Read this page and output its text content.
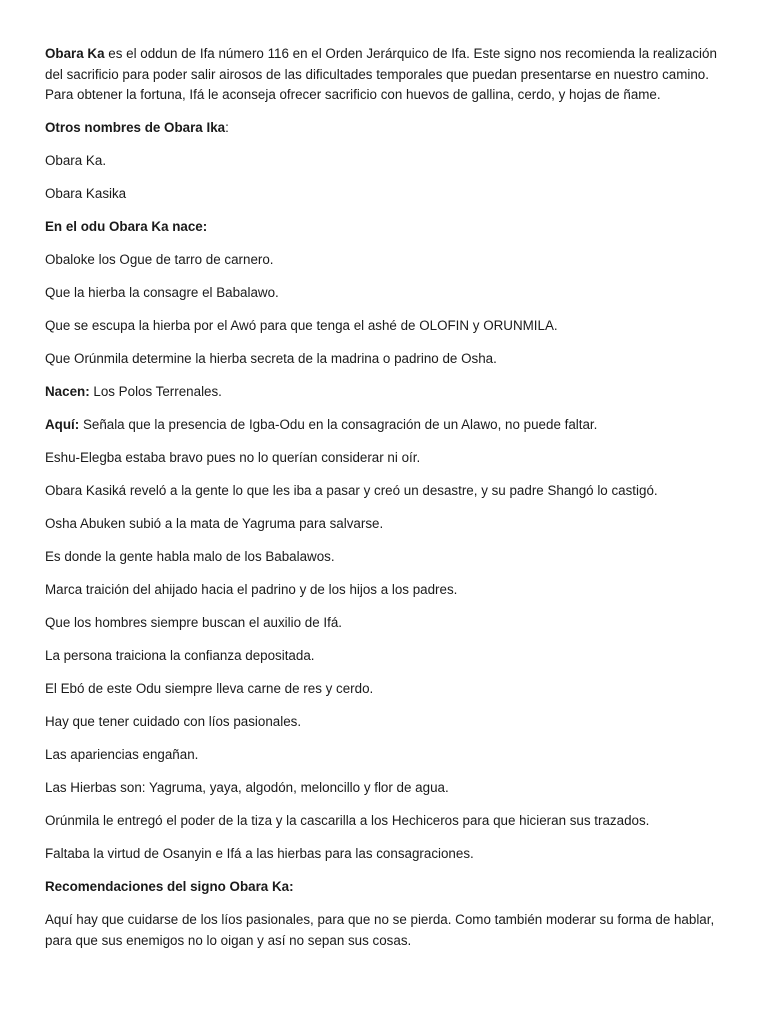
Obara Ka es el oddun de Ifa número 116 en el Orden Jerárquico de Ifa. Este signo nos recomienda la realización del sacrificio para poder salir airosos de las dificultades temporales que puedan presentarse en nuestro camino. Para obtener la fortuna, Ifá le aconseja ofrecer sacrificio con huevos de gallina, cerdo, y hojas de ñame.

Otros nombres de Obara Ika:

Obara Ka.

Obara Kasika

En el odu Obara Ka nace:

Obaloke los Ogue de tarro de carnero.

Que la hierba la consagre el Babalawo.

Que se escupa la hierba por el Awó para que tenga el ashé de OLOFIN y ORUNMILA.

Que Orúnmila determine la hierba secreta de la madrina o padrino de Osha.

Nacen: Los Polos Terrenales.

Aquí: Señala que la presencia de Igba-Odu en la consagración de un Alawo, no puede faltar.

Eshu-Elegba estaba bravo pues no lo querían considerar ni oír.

Obara Kasiká reveló a la gente lo que les iba a pasar y creó un desastre, y su padre Shangó lo castigó.

Osha Abuken subió a la mata de Yagruma para salvarse.

Es donde la gente habla malo de los Babalawos.

Marca traición del ahijado hacia el padrino y de los hijos a los padres.

Que los hombres siempre buscan el auxilio de Ifá.

La persona traiciona la confianza depositada.

El Ebó de este Odu siempre lleva carne de res y cerdo.

Hay que tener cuidado con líos pasionales.

Las apariencias engañan.

Las Hierbas son: Yagruma, yaya, algodón, meloncillo y flor de agua.

Orúnmila le entregó el poder de la tiza y la cascarilla a los Hechiceros para que hicieran sus trazados.

Faltaba la virtud de Osanyin e Ifá a las hierbas para las consagraciones.

Recomendaciones del signo Obara Ka:

Aquí hay que cuidarse de los líos pasionales, para que no se pierda. Como también moderar su forma de hablar, para que sus enemigos no lo oigan y así no sepan sus cosas.
